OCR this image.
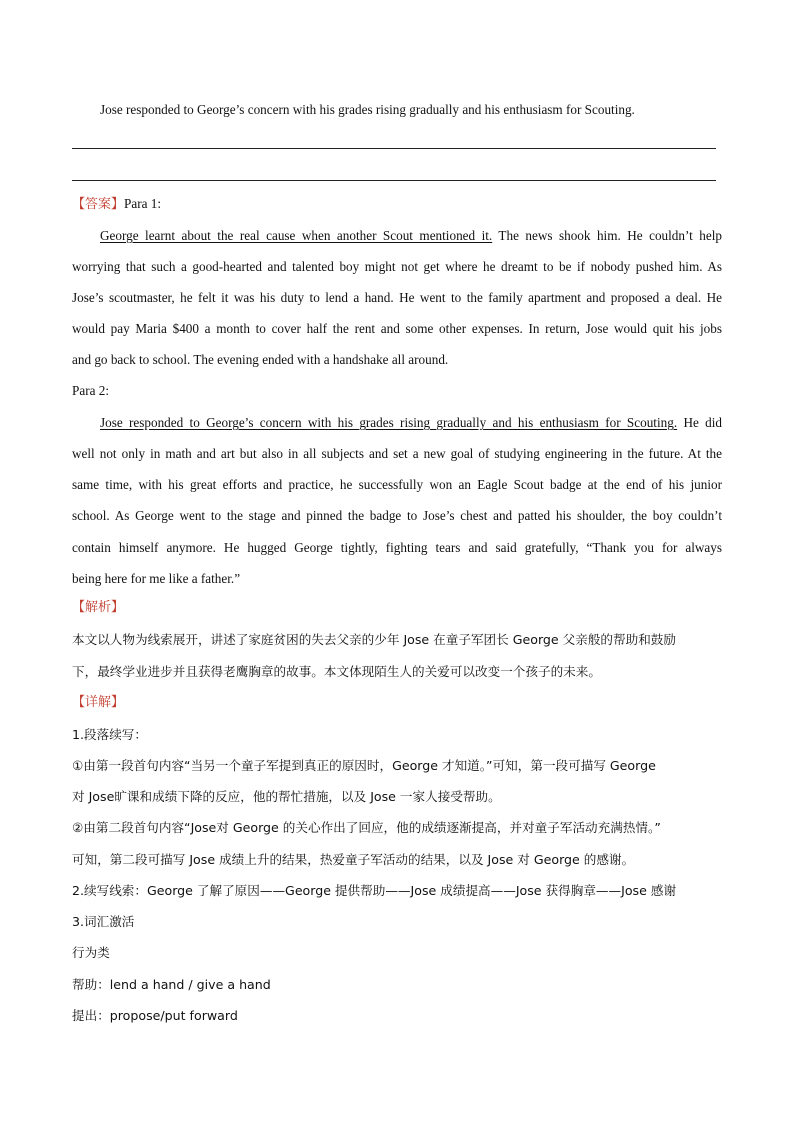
Jose responded to George’s concern with his grades rising gradually and his enthusiasm for Scouting.
【答案】Para 1:
George learnt about the real cause when another Scout mentioned it. The news shook him. He couldn’t help
worrying that such a good-hearted and talented boy might not get where he dreamt to be if nobody pushed him. As
Jose’s scoutmaster, he felt it was his duty to lend a hand. He went to the family apartment and proposed a deal. He
would pay Maria $400 a month to cover half the rent and some other expenses. In return, Jose would quit his jobs
and go back to school. The evening ended with a handshake all around.
Para 2:
Jose responded to George’s concern with his grades rising gradually and his enthusiasm for Scouting. He did
well not only in math and art but also in all subjects and set a new goal of studying engineering in the future. At the
same time, with his great efforts and practice, he successfully won an Eagle Scout badge at the end of his junior
school. As George went to the stage and pinned the badge to Jose’s chest and patted his shoulder, the boy couldn’t
contain himself anymore. He hugged George tightly, fighting tears and said gratefully, “Thank you for always
being here for me like a father.”
【解析】
本文以人物为线索展开，讲述了家庭贫困的失去父亲的少年 Jose 在童子军团长 George 父亲般的帮助和鼓励
下，最终学业进步并且获得老鹰胸章的故事。本文体现陌生人的关爱可以改变一个孩子的未来。
【详解】
1.段落续写：
①由第一段首句内容“当另一个童子军提到真正的原因时，George 才知道。”可知，第一段可描写 George
对 Jose旷课和成绩下降的反应，他的帮忙措施，以及 Jose 一家人接受帮助。
②由第二段首句内容“Jose对 George 的关心作出了回应，他的成绩逐渐提高，并对童子军活动充满热情。”
可知，第二段可描写 Jose 成绩上升的结果，热爱童子军活动的结果，以及 Jose 对 George 的感谢。
2.续写线索：George 了解了原因——George 提供帮助——Jose 成绩提高——Jose 获得胸章——Jose 感谢
3.词汇激活
行为类
帮助：lend a hand / give a hand
提出：propose/put forward
